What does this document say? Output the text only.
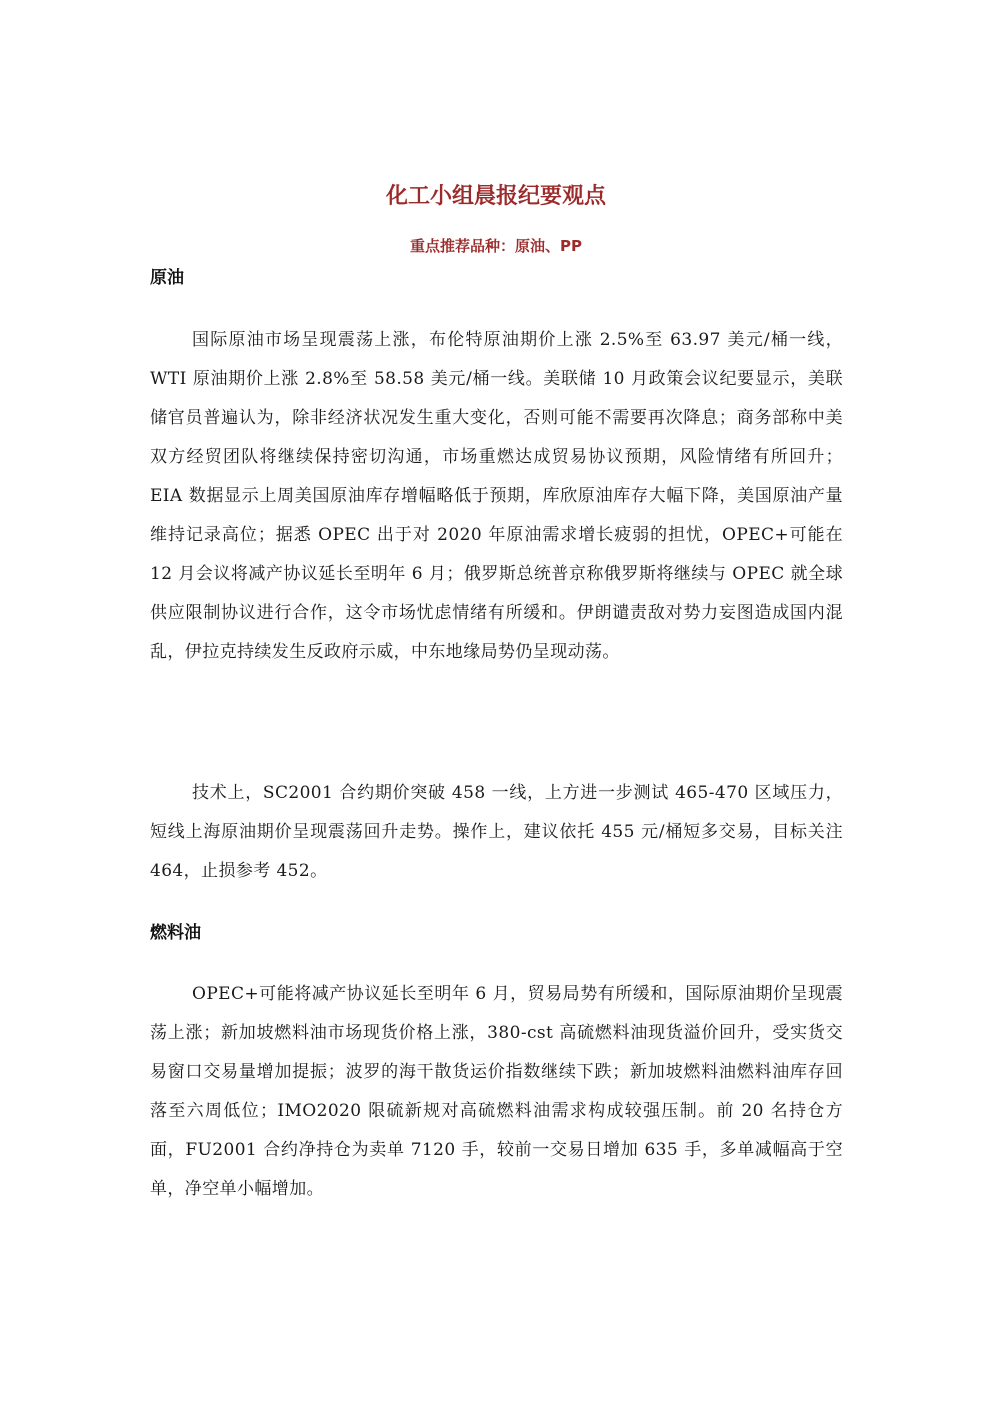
化工小组晨报纪要观点
重点推荐品种：原油、PP
原油

国际原油市场呈现震荡上涨，布伦特原油期价上涨 2.5%至 63.97 美元/桶一线，WTI 原油期价上涨 2.8%至 58.58 美元/桶一线。美联储 10 月政策会议纪要显示，美联储官员普遍认为，除非经济状况发生重大变化，否则可能不需要再次降息；商务部称中美双方经贸团队将继续保持密切沟通，市场重燃达成贸易协议预期，风险情绪有所回升；EIA 数据显示上周美国原油库存增幅略低于预期，库欣原油库存大幅下降，美国原油产量维持记录高位；据悉 OPEC 出于对 2020 年原油需求增长疲弱的担忧，OPEC+可能在 12 月会议将减产协议延长至明年 6 月；俄罗斯总统普京称俄罗斯将继续与 OPEC 就全球供应限制协议进行合作，这令市场忧虑情绪有所缓和。伊朗谴责敌对势力妄图造成国内混乱，伊拉克持续发生反政府示威，中东地缘局势仍呈现动荡。

技术上，SC2001 合约期价突破 458 一线，上方进一步测试 465-470 区域压力，短线上海原油期价呈现震荡回升走势。操作上，建议依托 455 元/桶短多交易，目标关注 464，止损参考 452。

燃料油

OPEC+可能将减产协议延长至明年 6 月，贸易局势有所缓和，国际原油期价呈现震荡上涨；新加坡燃料油市场现货价格上涨，380-cst 高硫燃料油现货溢价回升，受实货交易窗口交易量增加提振；波罗的海干散货运价指数继续下跌；新加坡燃料油燃料油库存回落至六周低位；IMO2020 限硫新规对高硫燃料油需求构成较强压制。前 20 名持仓方面，FU2001 合约净持仓为卖单 7120 手，较前一交易日增加 635 手，多单减幅高于空单，净空单小幅增加。
